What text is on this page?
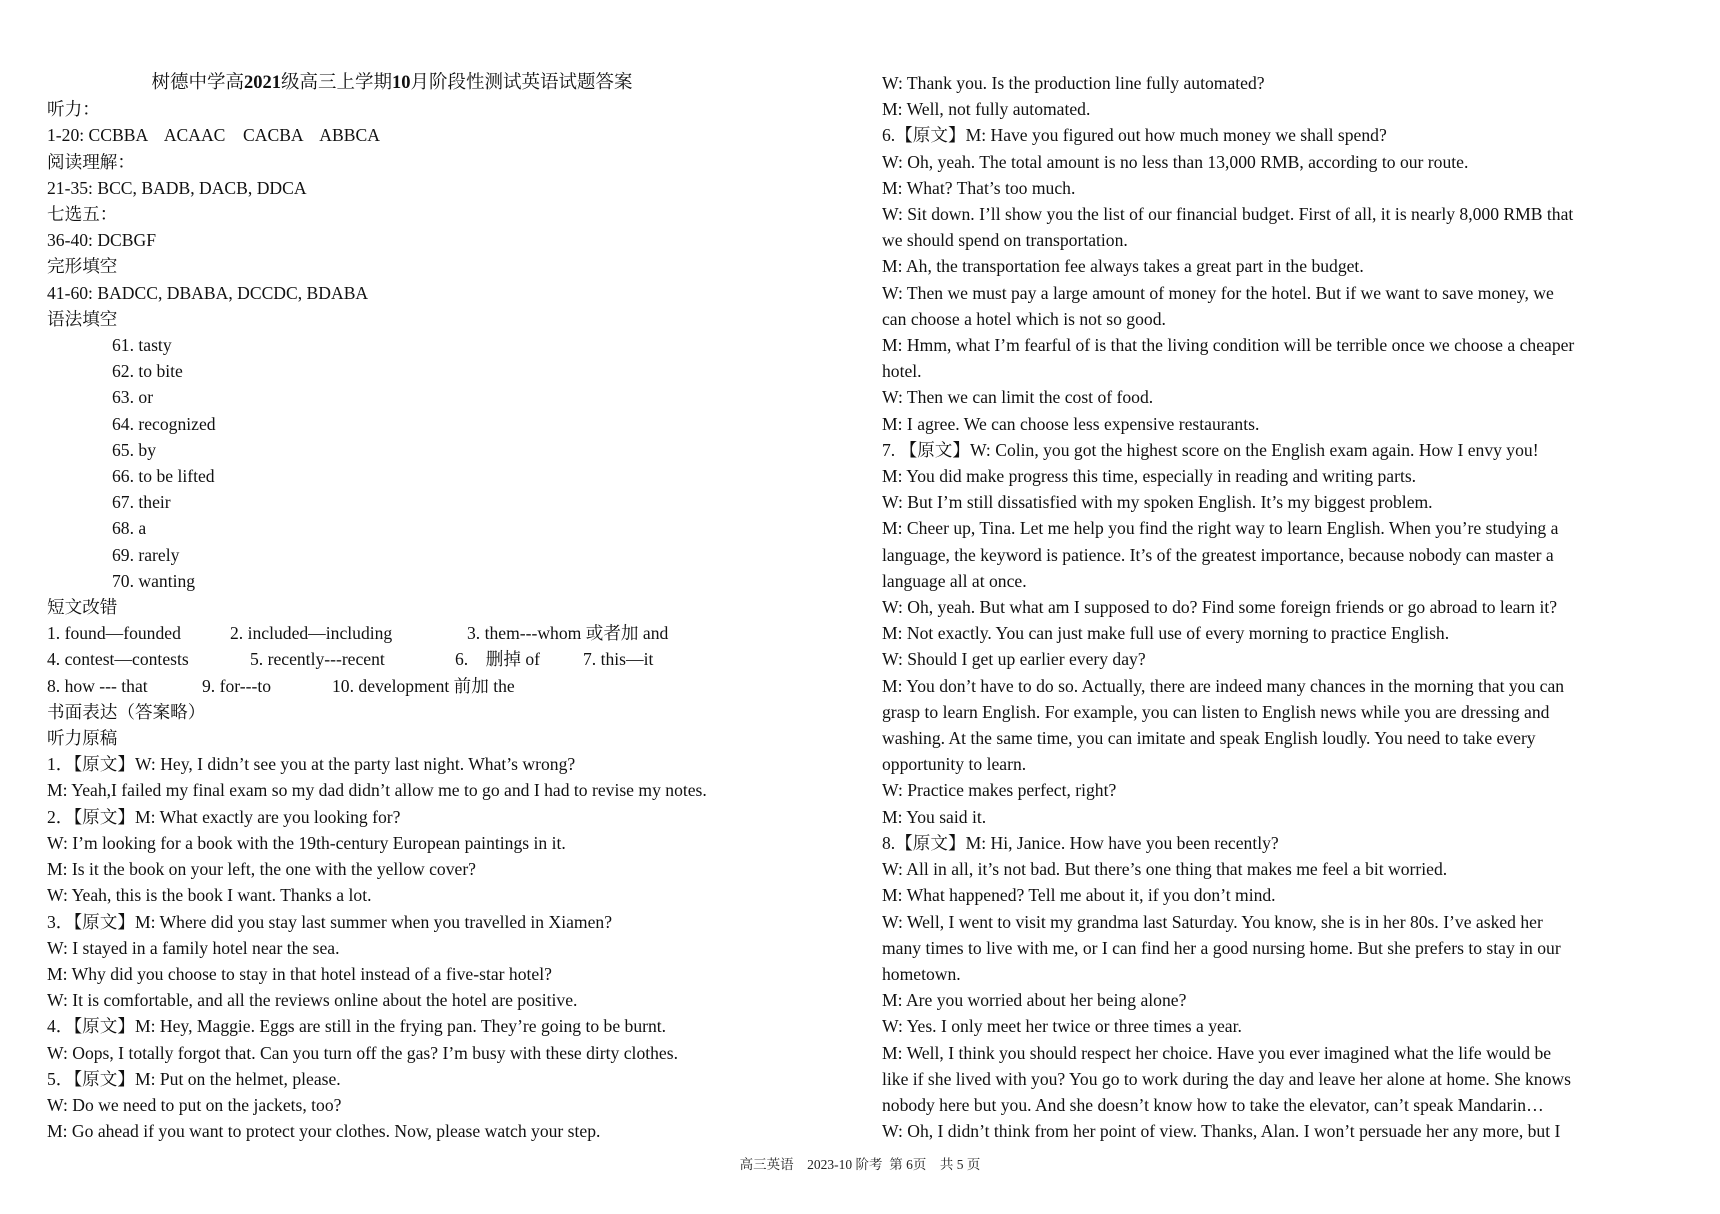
树德中学高2021级高三上学期10月阶段性测试英语试题答案
听力：
1-20: CCBBA    ACAAC    CACBA    ABBCA
阅读理解：
21-35: BCC, BADB, DACB, DDCA
七选五：
36-40: DCBGF
完形填空
41-60: BADCC, DBABA, DCCDC, BDABA
语法填空
61. tasty
62. to bite
63. or
64. recognized
65. by
66. to be lifted
67. their
68. a
69. rarely
70. wanting
短文改错
1. found—founded	2. included—including	3. them---whom 或者加 and
4. contest—contests	5. recently---recent	6.    删掉 of 7. this—it
8. how --- that	9. for---to	10. development 前加 the
书面表达（答案略）
听力原稿
1．【原文】W: Hey, I didn’t see you at the party last night. What’s wrong?
M: Yeah,I failed my final exam so my dad didn’t allow me to go and I had to revise my notes.
2．【原文】M: What exactly are you looking for?
W: I’m looking for a book with the 19th-century European paintings in it.
M: Is it the book on your left, the one with the yellow cover?
W: Yeah, this is the book I want. Thanks a lot.
3．【原文】M: Where did you stay last summer when you travelled in Xiamen?
W: I stayed in a family hotel near the sea.
M: Why did you choose to stay in that hotel instead of a five-star hotel?
W: It is comfortable, and all the reviews online about the hotel are positive.
4．【原文】M: Hey, Maggie. Eggs are still in the frying pan. They’re going to be burnt.
W: Oops, I totally forgot that. Can you turn off the gas? I’m busy with these dirty clothes.
5．【原文】M: Put on the helmet, please.
W: Do we need to put on the jackets, too?
M: Go ahead if you want to protect your clothes. Now, please watch your step.
W: Thank you. Is the production line fully automated?
M: Well, not fully automated.
6.【原文】M: Have you figured out how much money we shall spend?
W: Oh, yeah. The total amount is no less than 13,000 RMB, according to our route.
M: What? That’s too much.
W: Sit down. I’ll show you the list of our financial budget. First of all, it is nearly 8,000 RMB that
we should spend on transportation.
M: Ah, the transportation fee always takes a great part in the budget.
W: Then we must pay a large amount of money for the hotel. But if we want to save money, we
can choose a hotel which is not so good.
M: Hmm, what I’m fearful of is that the living condition will be terrible once we choose a cheaper
hotel.
W: Then we can limit the cost of food.
M: I agree. We can choose less expensive restaurants.
7. 【原文】W: Colin, you got the highest score on the English exam again. How I envy you!
M: You did make progress this time, especially in reading and writing parts.
W: But I’m still dissatisfied with my spoken English. It’s my biggest problem.
M: Cheer up, Tina. Let me help you find the right way to learn English. When you’re studying a
language, the keyword is patience. It’s of the greatest importance, because nobody can master a
language all at once.
W: Oh, yeah. But what am I supposed to do? Find some foreign friends or go abroad to learn it?
M: Not exactly. You can just make full use of every morning to practice English.
W: Should I get up earlier every day?
M: You don’t have to do so. Actually, there are indeed many chances in the morning that you can
grasp to learn English. For example, you can listen to English news while you are dressing and
washing. At the same time, you can imitate and speak English loudly. You need to take every
opportunity to learn.
W: Practice makes perfect, right?
M: You said it.
8.【原文】M: Hi, Janice. How have you been recently?
W: All in all, it’s not bad. But there’s one thing that makes me feel a bit worried.
M: What happened? Tell me about it, if you don’t mind.
W: Well, I went to visit my grandma last Saturday. You know, she is in her 80s. I’ve asked her
many times to live with me, or I can find her a good nursing home. But she prefers to stay in our
hometown.
M: Are you worried about her being alone?
W: Yes. I only meet her twice or three times a year.
M: Well, I think you should respect her choice. Have you ever imagined what the life would be
like if she lived with you? You go to work during the day and leave her alone at home. She knows
nobody here but you. And she doesn’t know how to take the elevator, can’t speak Mandarin…
W: Oh, I didn’t think from her point of view. Thanks, Alan. I won’t persuade her any more, but I
高三英语    2023-10 阶考  第 6页    共 5 页
